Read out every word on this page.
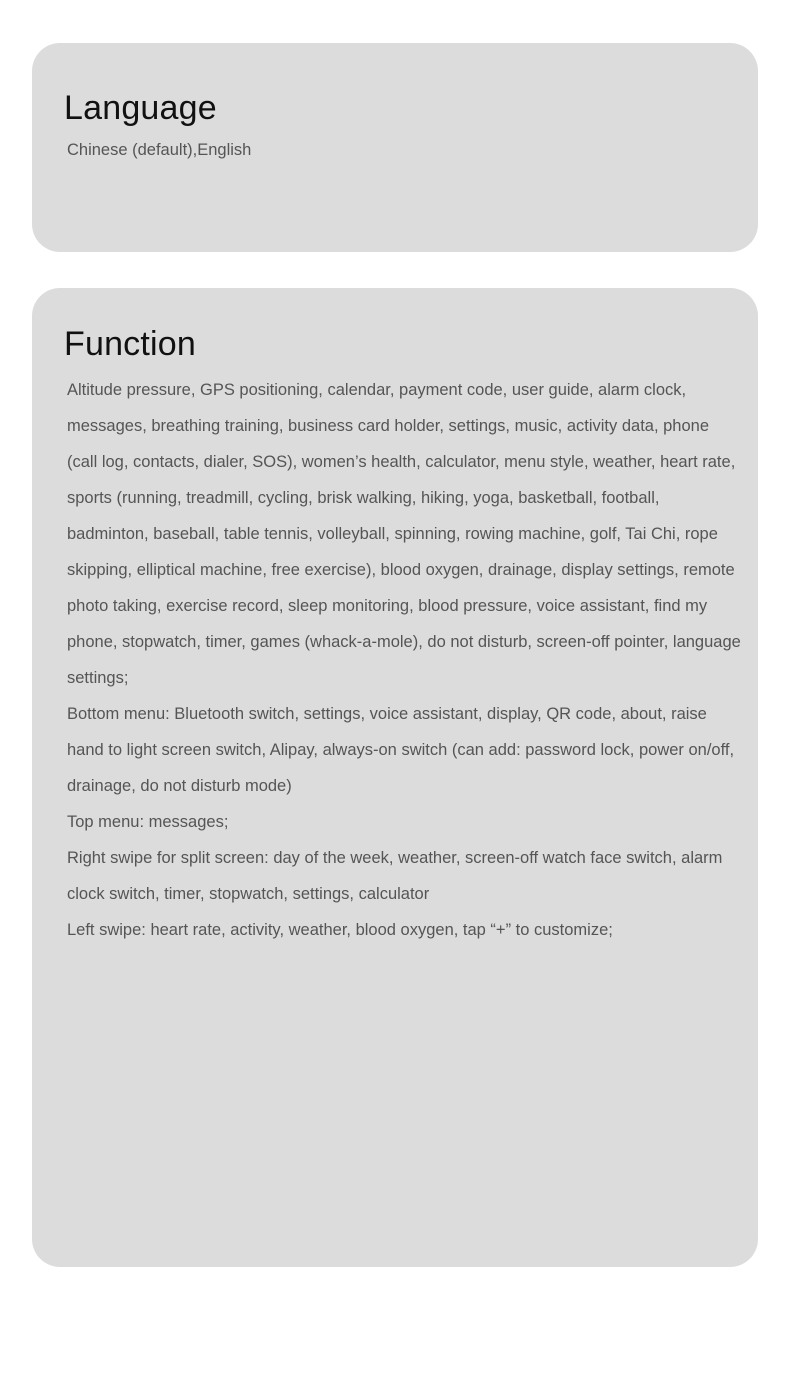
Language

Chinese (default),English

Function

Altitude pressure, GPS positioning, calendar, payment code, user guide, alarm clock, messages, breathing training, business card holder, settings, music, activity data, phone (call log, contacts, dialer, SOS), women’s health, calculator, menu style, weather, heart rate, sports (running, treadmill, cycling, brisk walking, hiking, yoga, basketball, football, badminton, baseball, table tennis, volleyball, spinning, rowing machine, golf, Tai Chi, rope skipping, elliptical machine, free exercise), blood oxygen, drainage, display settings, remote photo taking, exercise record, sleep monitoring, blood pressure, voice assistant, find my phone, stopwatch, timer, games (whack-a-mole), do not disturb, screen-off pointer, language settings;

Bottom menu: Bluetooth switch, settings, voice assistant, display, QR code, about, raise hand to light screen switch, Alipay, always-on switch (can add: password lock, power on/off, drainage, do not disturb mode)

Top menu: messages;

Right swipe for split screen: day of the week, weather, screen-off watch face switch, alarm clock switch, timer, stopwatch, settings, calculator

Left swipe: heart rate, activity, weather, blood oxygen, tap “+” to customize;
